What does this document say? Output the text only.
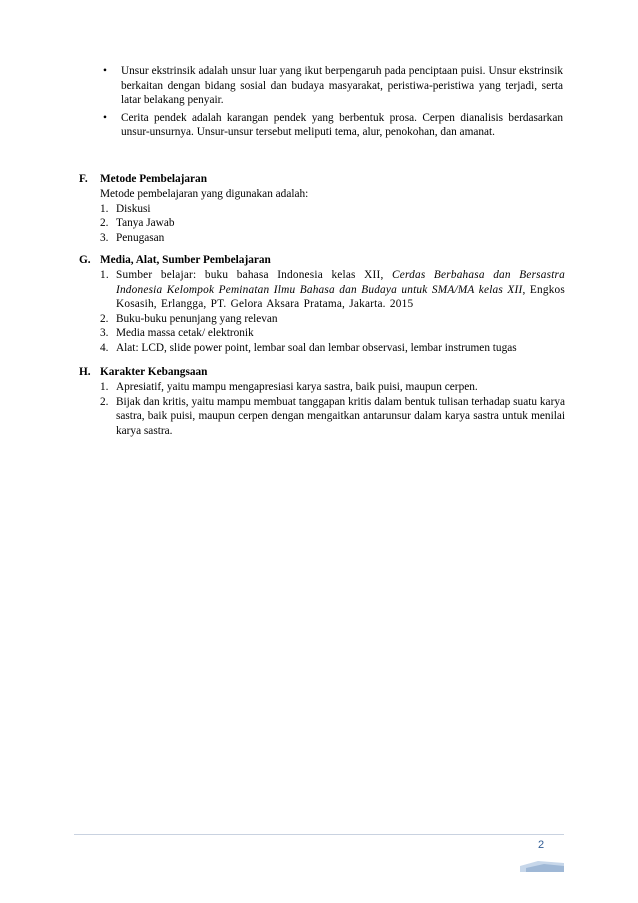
• Unsur ekstrinsik adalah unsur luar yang ikut berpengaruh pada penciptaan puisi. Unsur ekstrinsik berkaitan dengan bidang sosial dan budaya masyarakat, peristiwa-peristiwa yang terjadi, serta latar belakang penyair.
• Cerita pendek adalah karangan pendek yang berbentuk prosa. Cerpen dianalisis berdasarkan unsur-unsurnya. Unsur-unsur tersebut meliputi tema, alur, penokohan, dan amanat.
F. Metode Pembelajaran

Metode pembelajaran yang digunakan adalah:

1. Diskusi
2. Tanya Jawab
3. Penugasan
G. Media, Alat, Sumber Pembelajaran
1. Sumber belajar: buku bahasa Indonesia kelas XII, Cerdas Berbahasa dan Bersastra Indonesia Kelompok Peminatan Ilmu Bahasa dan Budaya untuk SMA/MA kelas XII, Engkos Kosasih, Erlangga, PT. Gelora Aksara Pratama, Jakarta. 2015
2. Buku-buku penunjang yang relevan
3. Media massa cetak/ elektronik
4. Alat: LCD, slide power point, lembar soal dan lembar observasi, lembar instrumen tugas
H. Karakter Kebangsaan
1. Apresiatif, yaitu mampu mengapresiasi karya sastra, baik puisi, maupun cerpen.
2. Bijak dan kritis, yaitu mampu membuat tanggapan kritis dalam bentuk tulisan terhadap suatu karya sastra, baik puisi, maupun cerpen dengan mengaitkan antarunsur dalam karya sastra untuk menilai karya sastra.
2
